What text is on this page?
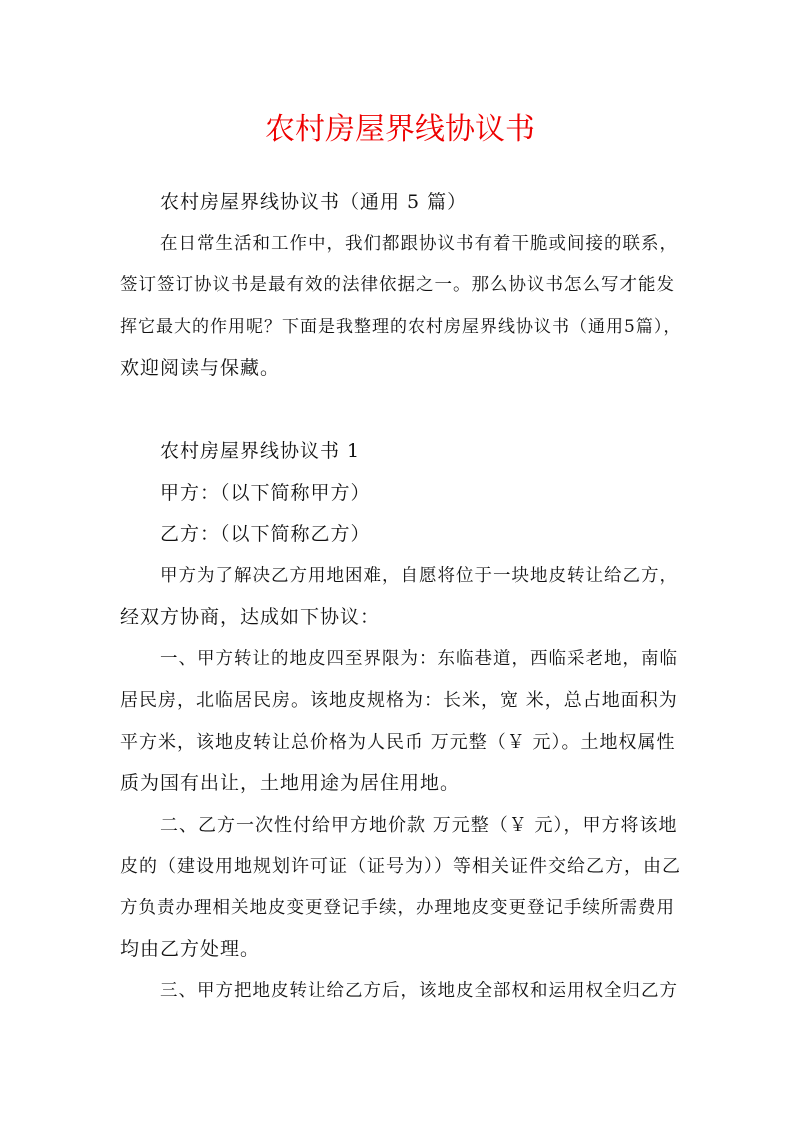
农村房屋界线协议书
农村房屋界线协议书（通用 5 篇）
在日常生活和工作中，我们都跟协议书有着干脆或间接的联系，
签订签订协议书是最有效的法律依据之一。那么协议书怎么写才能发
挥它最大的作用呢？下面是我整理的农村房屋界线协议书（通用5篇），
欢迎阅读与保藏。
农村房屋界线协议书 1
甲方：（以下简称甲方）
乙方：（以下简称乙方）
甲方为了解决乙方用地困难，自愿将位于一块地皮转让给乙方，
经双方协商，达成如下协议：
一、甲方转让的地皮四至界限为：东临巷道，西临采老地，南临
居民房，北临居民房。该地皮规格为：长米，宽 米，总占地面积为
平方米，该地皮转让总价格为人民币 万元整（￥ 元）。土地权属性
质为国有出让，土地用途为居住用地。
二、乙方一次性付给甲方地价款 万元整（￥ 元），甲方将该地
皮的（建设用地规划许可证（证号为））等相关证件交给乙方，由乙
方负责办理相关地皮变更登记手续，办理地皮变更登记手续所需费用
均由乙方处理。
三、甲方把地皮转让给乙方后，该地皮全部权和运用权全归乙方
